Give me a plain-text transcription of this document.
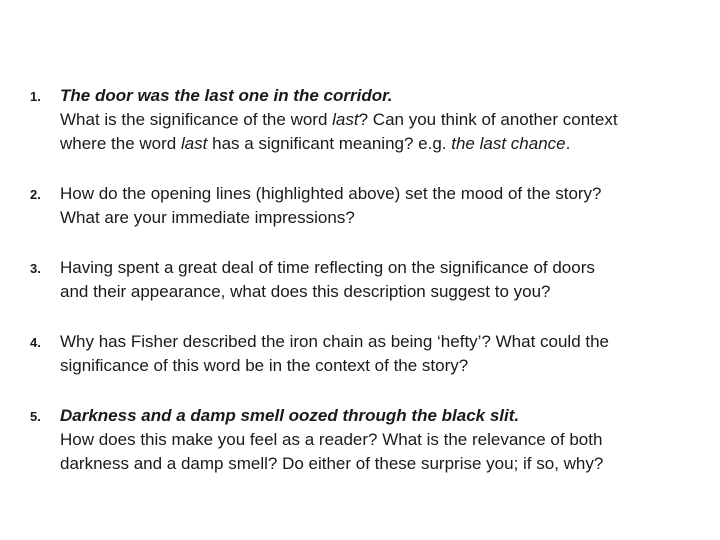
1.	The door was the last one in the corridor.

What is the significance of the word last? Can you think of another context

where the word last has a significant meaning? e.g. the last chance.

2.	How do the opening lines (highlighted above) set the mood of the story?

What are your immediate impressions?

3.	Having spent a great deal of time reflecting on the significance of doors

and their appearance, what does this description suggest to you?

4.	Why has Fisher described the iron chain as being ‘hefty’? What could the

significance of this word be in the context of the story?

5.	Darkness and a damp smell oozed through the black slit.

How does this make you feel as a reader? What is the relevance of both

darkness and a damp smell? Do either of these surprise you; if so, why?
